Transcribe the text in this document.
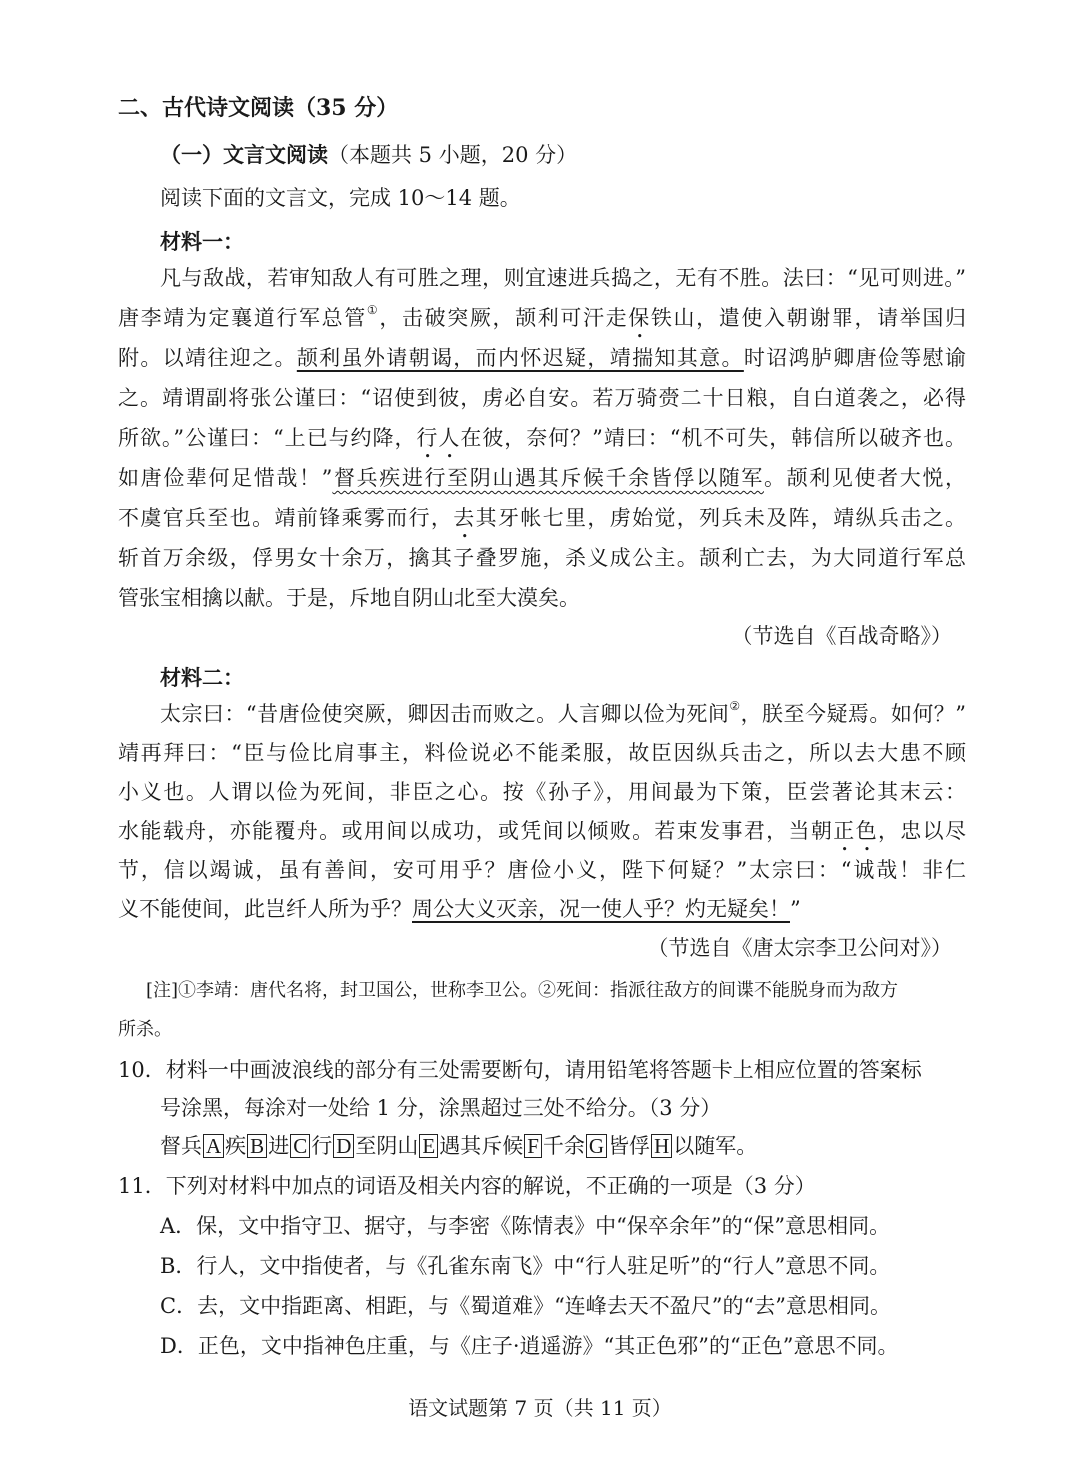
二、古代诗文阅读（35 分）
（一）文言文阅读（本题共 5 小题，20 分）
阅读下面的文言文，完成 10～14 题。
材料一：
凡与敌战，若审知敌人有可胜之理，则宜速进兵捣之，无有不胜。法曰：“见可则进。”
唐李靖为定襄道行军总管①，击破突厥，颉利可汗走保铁山，遣使入朝谢罪，请举国归
附。以靖往迎之。颉利虽外请朝谒，而内怀迟疑，靖揣知其意。时诏鸿胪卿唐俭等慰谕
之。靖谓副将张公谨曰：“诏使到彼，虏必自安。若万骑赍二十日粮，自白道袭之，必得
所欲。”公谨曰：“上已与约降，行人在彼，奈何？”靖曰：“机不可失，韩信所以破齐也。
如唐俭辈何足惜哉！”督兵疾进行至阴山遇其斥候千余皆俘以随军。颉利见使者大悦，
不虞官兵至也。靖前锋乘雾而行，去其牙帐七里，虏始觉，列兵未及阵，靖纵兵击之。
斩首万余级，俘男女十余万，擒其子叠罗施，杀义成公主。颉利亡去，为大同道行军总
管张宝相擒以献。于是，斥地自阴山北至大漠矣。
（节选自《百战奇略》）
材料二：
太宗曰：“昔唐俭使突厥，卿因击而败之。人言卿以俭为死间②，朕至今疑焉。如何？”
靖再拜曰：“臣与俭比肩事主，料俭说必不能柔服，故臣因纵兵击之，所以去大患不顾
小义也。人谓以俭为死间，非臣之心。按《孙子》，用间最为下策，臣尝著论其末云：
水能载舟，亦能覆舟。或用间以成功，或凭间以倾败。若束发事君，当朝正色，忠以尽
节，信以竭诚，虽有善间，安可用乎？唐俭小义，陛下何疑？”太宗曰：“诚哉！非仁
义不能使间，此岂纤人所为乎？周公大义灭亲，况一使人乎？灼无疑矣！”
（节选自《唐太宗李卫公问对》）
[注]①李靖：唐代名将，封卫国公，世称李卫公。②死间：指派往敌方的间谍不能脱身而为敌方
所杀。
10．材料一中画波浪线的部分有三处需要断句，请用铅笔将答题卡上相应位置的答案标
号涂黑，每涂对一处给 1 分，涂黑超过三处不给分。（3 分）
督兵 A 疾 B 进 C 行 D 至阴山 E 遇其斥候 F 千余 G 皆俘 H 以随军。
11．下列对材料中加点的词语及相关内容的解说，不正确的一项是（3 分）
A．保，文中指守卫、据守，与李密《陈情表》中“保卒余年”的“保”意思相同。
B．行人，文中指使者，与《孔雀东南飞》中“行人驻足听”的“行人”意思不同。
C．去，文中指距离、相距，与《蜀道难》“连峰去天不盈尺”的“去”意思相同。
D．正色，文中指神色庄重，与《庄子·逍遥游》“其正色邪”的“正色”意思不同。
语文试题第 7 页（共 11 页）
